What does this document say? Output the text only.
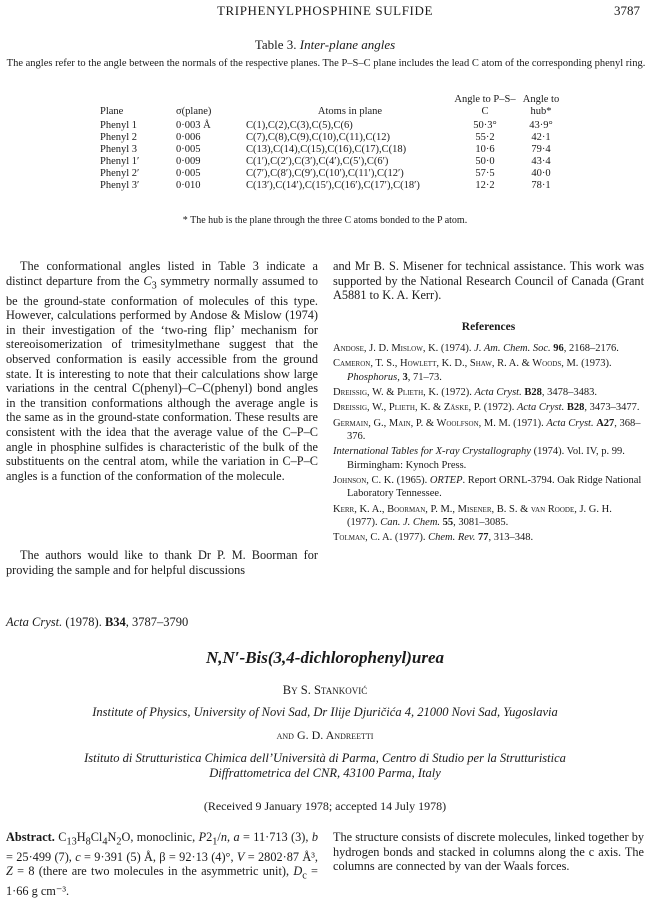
TRIPHENYLPHOSPHINE SULFIDE	3787
Table 3. Inter-plane angles
The angles refer to the angle between the normals of the respective planes. The P–S–C plane includes the lead C atom of the corresponding phenyl ring.
Plane	σ(plane)	Atoms in plane	Angle to P–S–C	Angle to hub*
Phenyl 1	0·003 Å	C(1),C(2),C(3),C(5),C(6)	50·3°	43·9°
Phenyl 2	0·006	C(7),C(8),C(9),C(10),C(11),C(12)	55·2	42·1
Phenyl 3	0·005	C(13),C(14),C(15),C(16),C(17),C(18)	10·6	79·4
Phenyl 1′	0·009	C(1′),C(2′),C(3′),C(4′),C(5′),C(6′)	50·0	43·4
Phenyl 2′	0·005	C(7′),C(8′),C(9′),C(10′),C(11′),C(12′)	57·5	40·0
Phenyl 3′	0·010	C(13′),C(14′),C(15′),C(16′),C(17′),C(18′)	12·2	78·1
* The hub is the plane through the three C atoms bonded to the P atom.

The conformational angles listed in Table 3 indicate a distinct departure from the $C_3$ symmetry normally assumed to be the ground-state conformation of molecules of this type. However, calculations performed by Andose & Mislow (1974) in their investigation of the ‘two-ring flip’ mechanism for stereoisomerization of trimesitylmethane suggest that the observed conformation is easily accessible from the ground state. It is interesting to note that their calculations show large variations in the central C(phenyl)–C–C(phenyl) bond angles in the transition conformations although the average angle is the same as in the ground-state conformation. These results are consistent with the idea that the average value of the C–P–C angle in phosphine sulfides is characteristic of the bulk of the substituents on the central atom, while the variation in C–P–C angles is a function of the conformation of the molecule.

The authors would like to thank Dr P. M. Boorman for providing the sample and for helpful discussions

and Mr B. S. Misener for technical assistance. This work was supported by the National Research Council of Canada (Grant A5881 to K. A. Kerr).

References
Andose, J. D. Mislow, K. (1974). J. Am. Chem. Soc. 96, 2168–2176.
Cameron, T. S., Howlett, K. D., Shaw, R. A. & Woods, M. (1973). Phosphorus, 3, 71–73.
Dreissig, W. & Plieth, K. (1972). Acta Cryst. B28, 3478–3483.
Dreissig, W., Plieth, K. & Zäske, P. (1972). Acta Cryst. B28, 3473–3477.
Germain, G., Main, P. & Woolfson, M. M. (1971). Acta Cryst. A27, 368–376.
International Tables for X-ray Crystallography (1974). Vol. IV, p. 99. Birmingham: Kynoch Press.
Johnson, C. K. (1965). ORTEP. Report ORNL-3794. Oak Ridge National Laboratory Tennessee.
Kerr, K. A., Boorman, P. M., Misener, B. S. & van Roode, J. G. H. (1977). Can. J. Chem. 55, 3081–3085.
Tolman, C. A. (1977). Chem. Rev. 77, 313–348.
Acta Cryst. (1978). B34, 3787–3790
N,N′-Bis(3,4-dichlorophenyl)urea
By S. Stanković
Institute of Physics, University of Novi Sad, Dr Ilije Djuričića 4, 21000 Novi Sad, Yugoslavia
and G. D. Andreetti
Istituto di Strutturistica Chimica dell’Università di Parma, Centro di Studio per la Strutturistica
Diffrattometrica del CNR, 43100 Parma, Italy
(Received 9 January 1978; accepted 14 July 1978)

Abstract. $C_{13}H_8Cl_4N_2O$, monoclinic, $P2_1/n$, a = 11·713 (3), b = 25·499 (7), c = 9·391 (5) Å, β = 92·13 (4)°, V = 2802·87 Å³, Z = 8 (there are two molecules in the asymmetric unit), $D_c = 1\cdot 66$ g cm⁻³.

The structure consists of discrete molecules, linked together by hydrogen bonds and stacked in columns along the c axis. The columns are connected by van der Waals forces.
